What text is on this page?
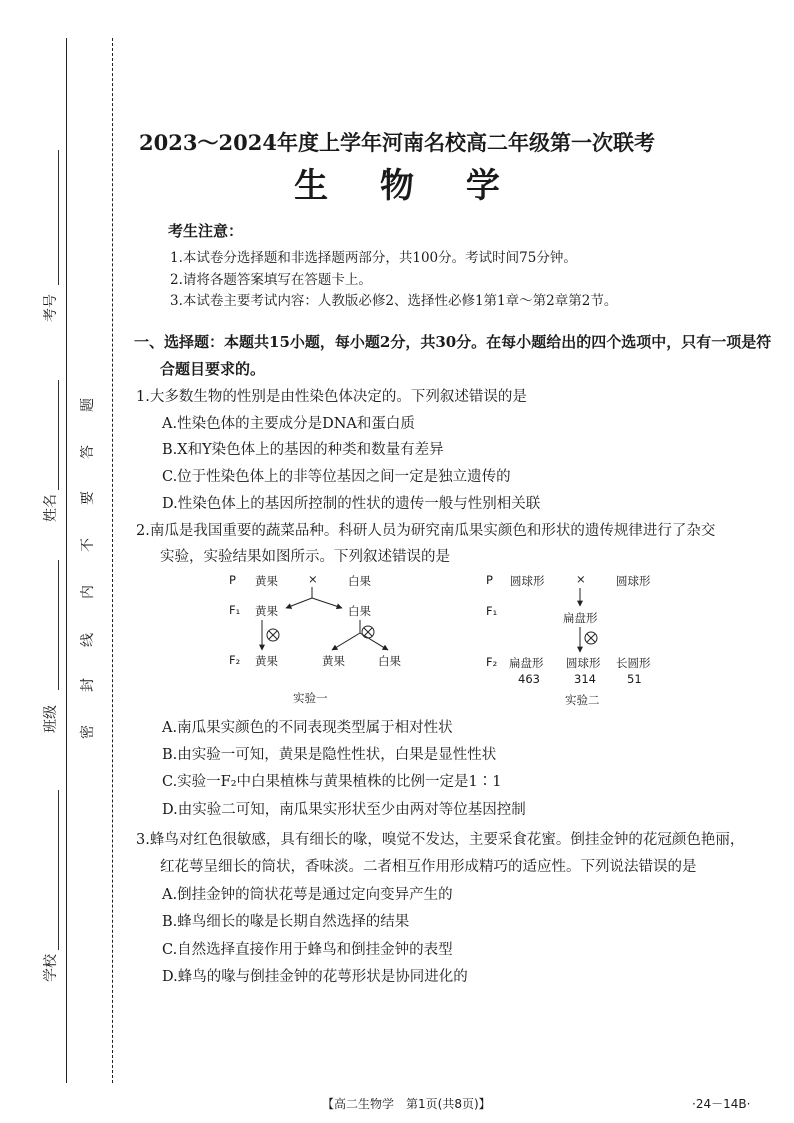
考号
姓名
班级
学校
密
封
线
内
不
要
答
题
2023～2024年度上学年河南名校高二年级第一次联考
生 物 学
考生注意：
1.本试卷分选择题和非选择题两部分，共100分。考试时间75分钟。
2.请将各题答案填写在答题卡上。
3.本试卷主要考试内容：人教版必修2、选择性必修1第1章～第2章第2节。
一、选择题：本题共15小题，每小题2分，共30分。在每小题给出的四个选项中，只有一项是符
合题目要求的。
1.大多数生物的性别是由性染色体决定的。下列叙述错误的是
A.性染色体的主要成分是DNA和蛋白质
B.X和Y染色体上的基因的种类和数量有差异
C.位于性染色体上的非等位基因之间一定是独立遗传的
D.性染色体上的基因所控制的性状的遗传一般与性别相关联
2.南瓜是我国重要的蔬菜品种。科研人员为研究南瓜果实颜色和形状的遗传规律进行了杂交
实验，实验结果如图所示。下列叙述错误的是
P 黄果	×	白果
F₁ 黄果	白果
F₂ 黄果	黄果	白果
实验一
P 圆球形	×	圆球形
F₁	扁盘形
F₂ 扁盘形
463
圆球形
314
长圆形
51
实验二
A.南瓜果实颜色的不同表现类型属于相对性状
B.由实验一可知，黄果是隐性性状，白果是显性性状
C.实验一F₂中白果植株与黄果植株的比例一定是1∶1
D.由实验二可知，南瓜果实形状至少由两对等位基因控制
3.蜂鸟对红色很敏感，具有细长的喙，嗅觉不发达，主要采食花蜜。倒挂金钟的花冠颜色艳丽，
红花萼呈细长的筒状，香味淡。二者相互作用形成精巧的适应性。下列说法错误的是
A.倒挂金钟的筒状花萼是通过定向变异产生的
B.蜂鸟细长的喙是长期自然选择的结果
C.自然选择直接作用于蜂鸟和倒挂金钟的表型
D.蜂鸟的喙与倒挂金钟的花萼形状是协同进化的
【高二生物学　第1页(共8页)】	·24－14B·
